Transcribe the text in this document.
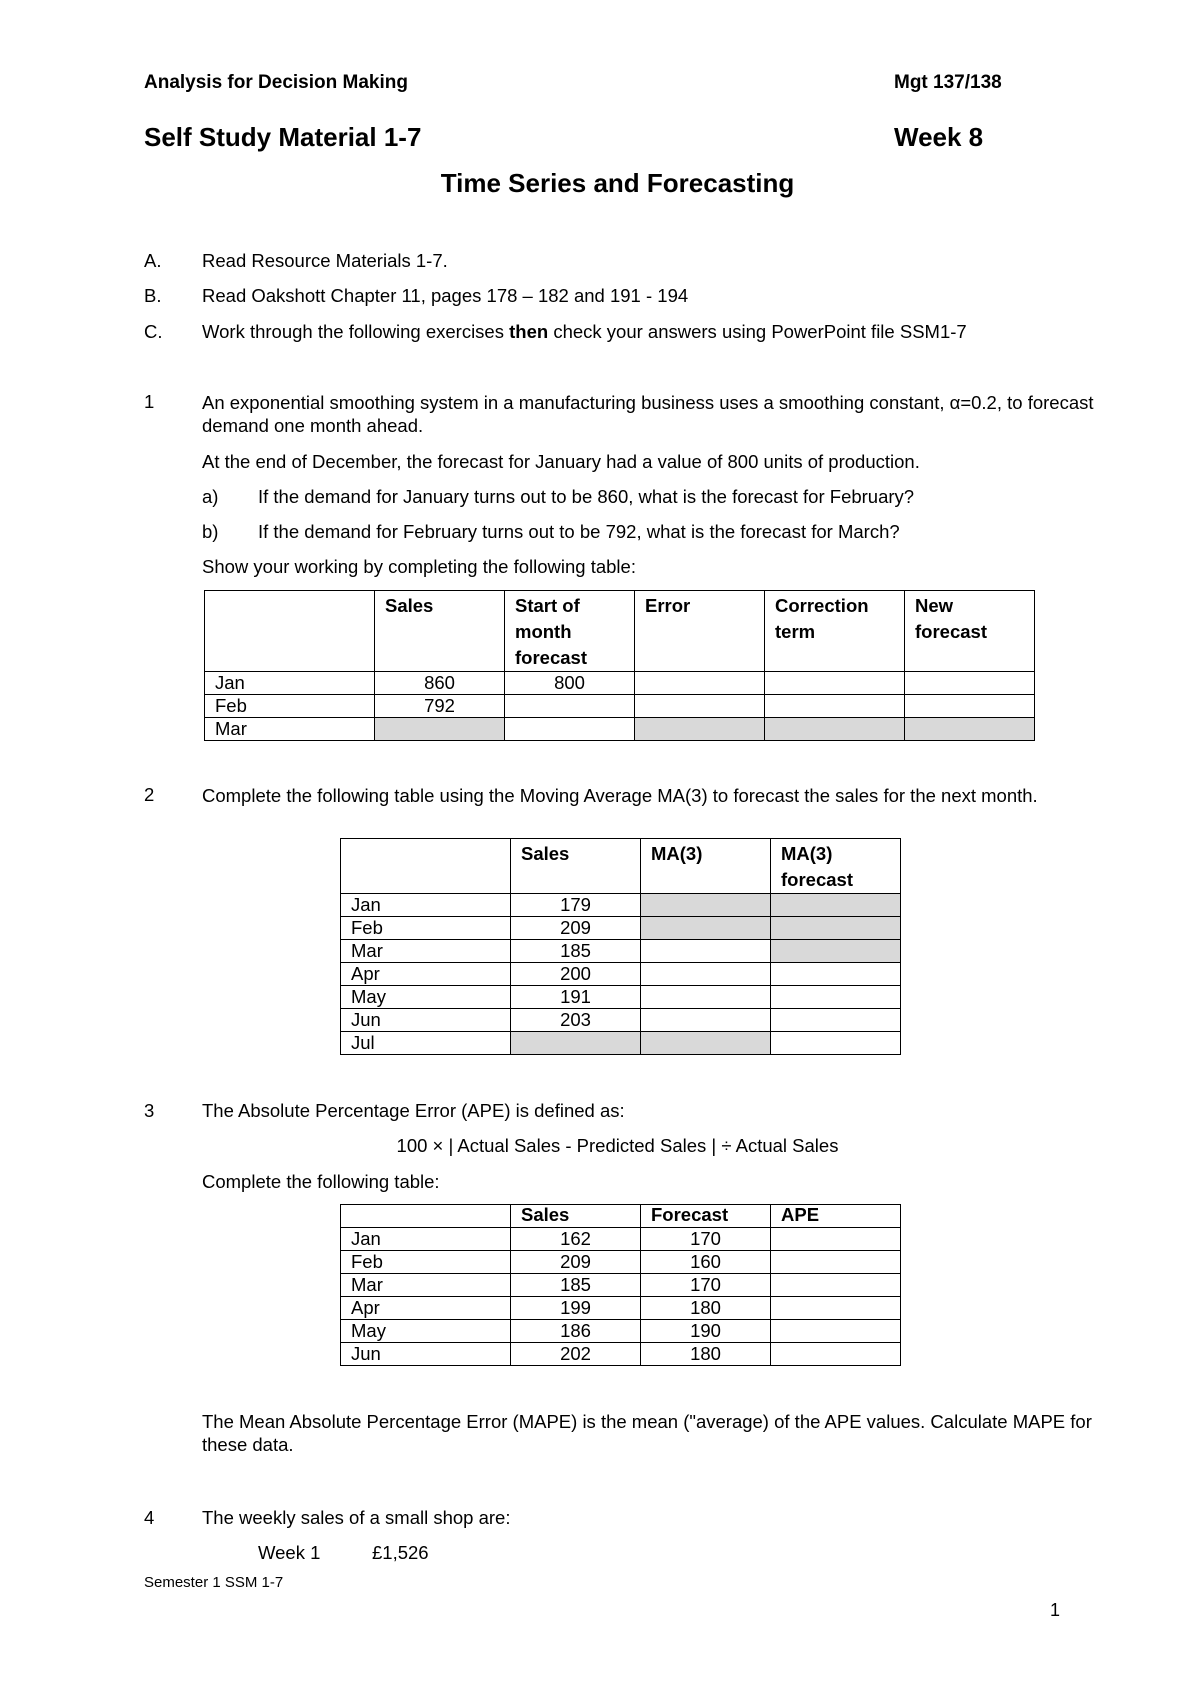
Analysis for Decision Making	Mgt 137/138
Self Study Material 1-7	Week 8
Time Series and Forecasting
A. Read Resource Materials 1-7.
B. Read Oakshott Chapter 11, pages 178 – 182 and 191 - 194
C. Work through the following exercises then check your answers using PowerPoint file SSM1-7
1	An exponential smoothing system in a manufacturing business uses a smoothing constant, α=0.2, to forecast demand one month ahead.
At the end of December, the forecast for January had a value of 800 units of production.
a) If the demand for January turns out to be 860, what is the forecast for February?
b) If the demand for February turns out to be 792, what is the forecast for March?
Show your working by completing the following table:
	Sales	Start of month forecast	Error	Correction term	New forecast
Jan	860	800			
Feb	792				
Mar					
2	Complete the following table using the Moving Average MA(3) to forecast the sales for the next month.
	Sales	MA(3)	MA(3) forecast
Jan	179		
Feb	209		
Mar	185		
Apr	200		
May	191		
Jun	203		
Jul			
3	The Absolute Percentage Error (APE) is defined as:
100 × | Actual Sales - Predicted Sales | ÷ Actual Sales
Complete the following table:
	Sales	Forecast	APE
Jan	162	170	
Feb	209	160	
Mar	185	170	
Apr	199	180	
May	186	190	
Jun	202	180	
The Mean Absolute Percentage Error (MAPE) is the mean ("average) of the APE values. Calculate MAPE for these data.
4	The weekly sales of a small shop are:
Week 1	£1,526
Semester 1 SSM 1-7
1
